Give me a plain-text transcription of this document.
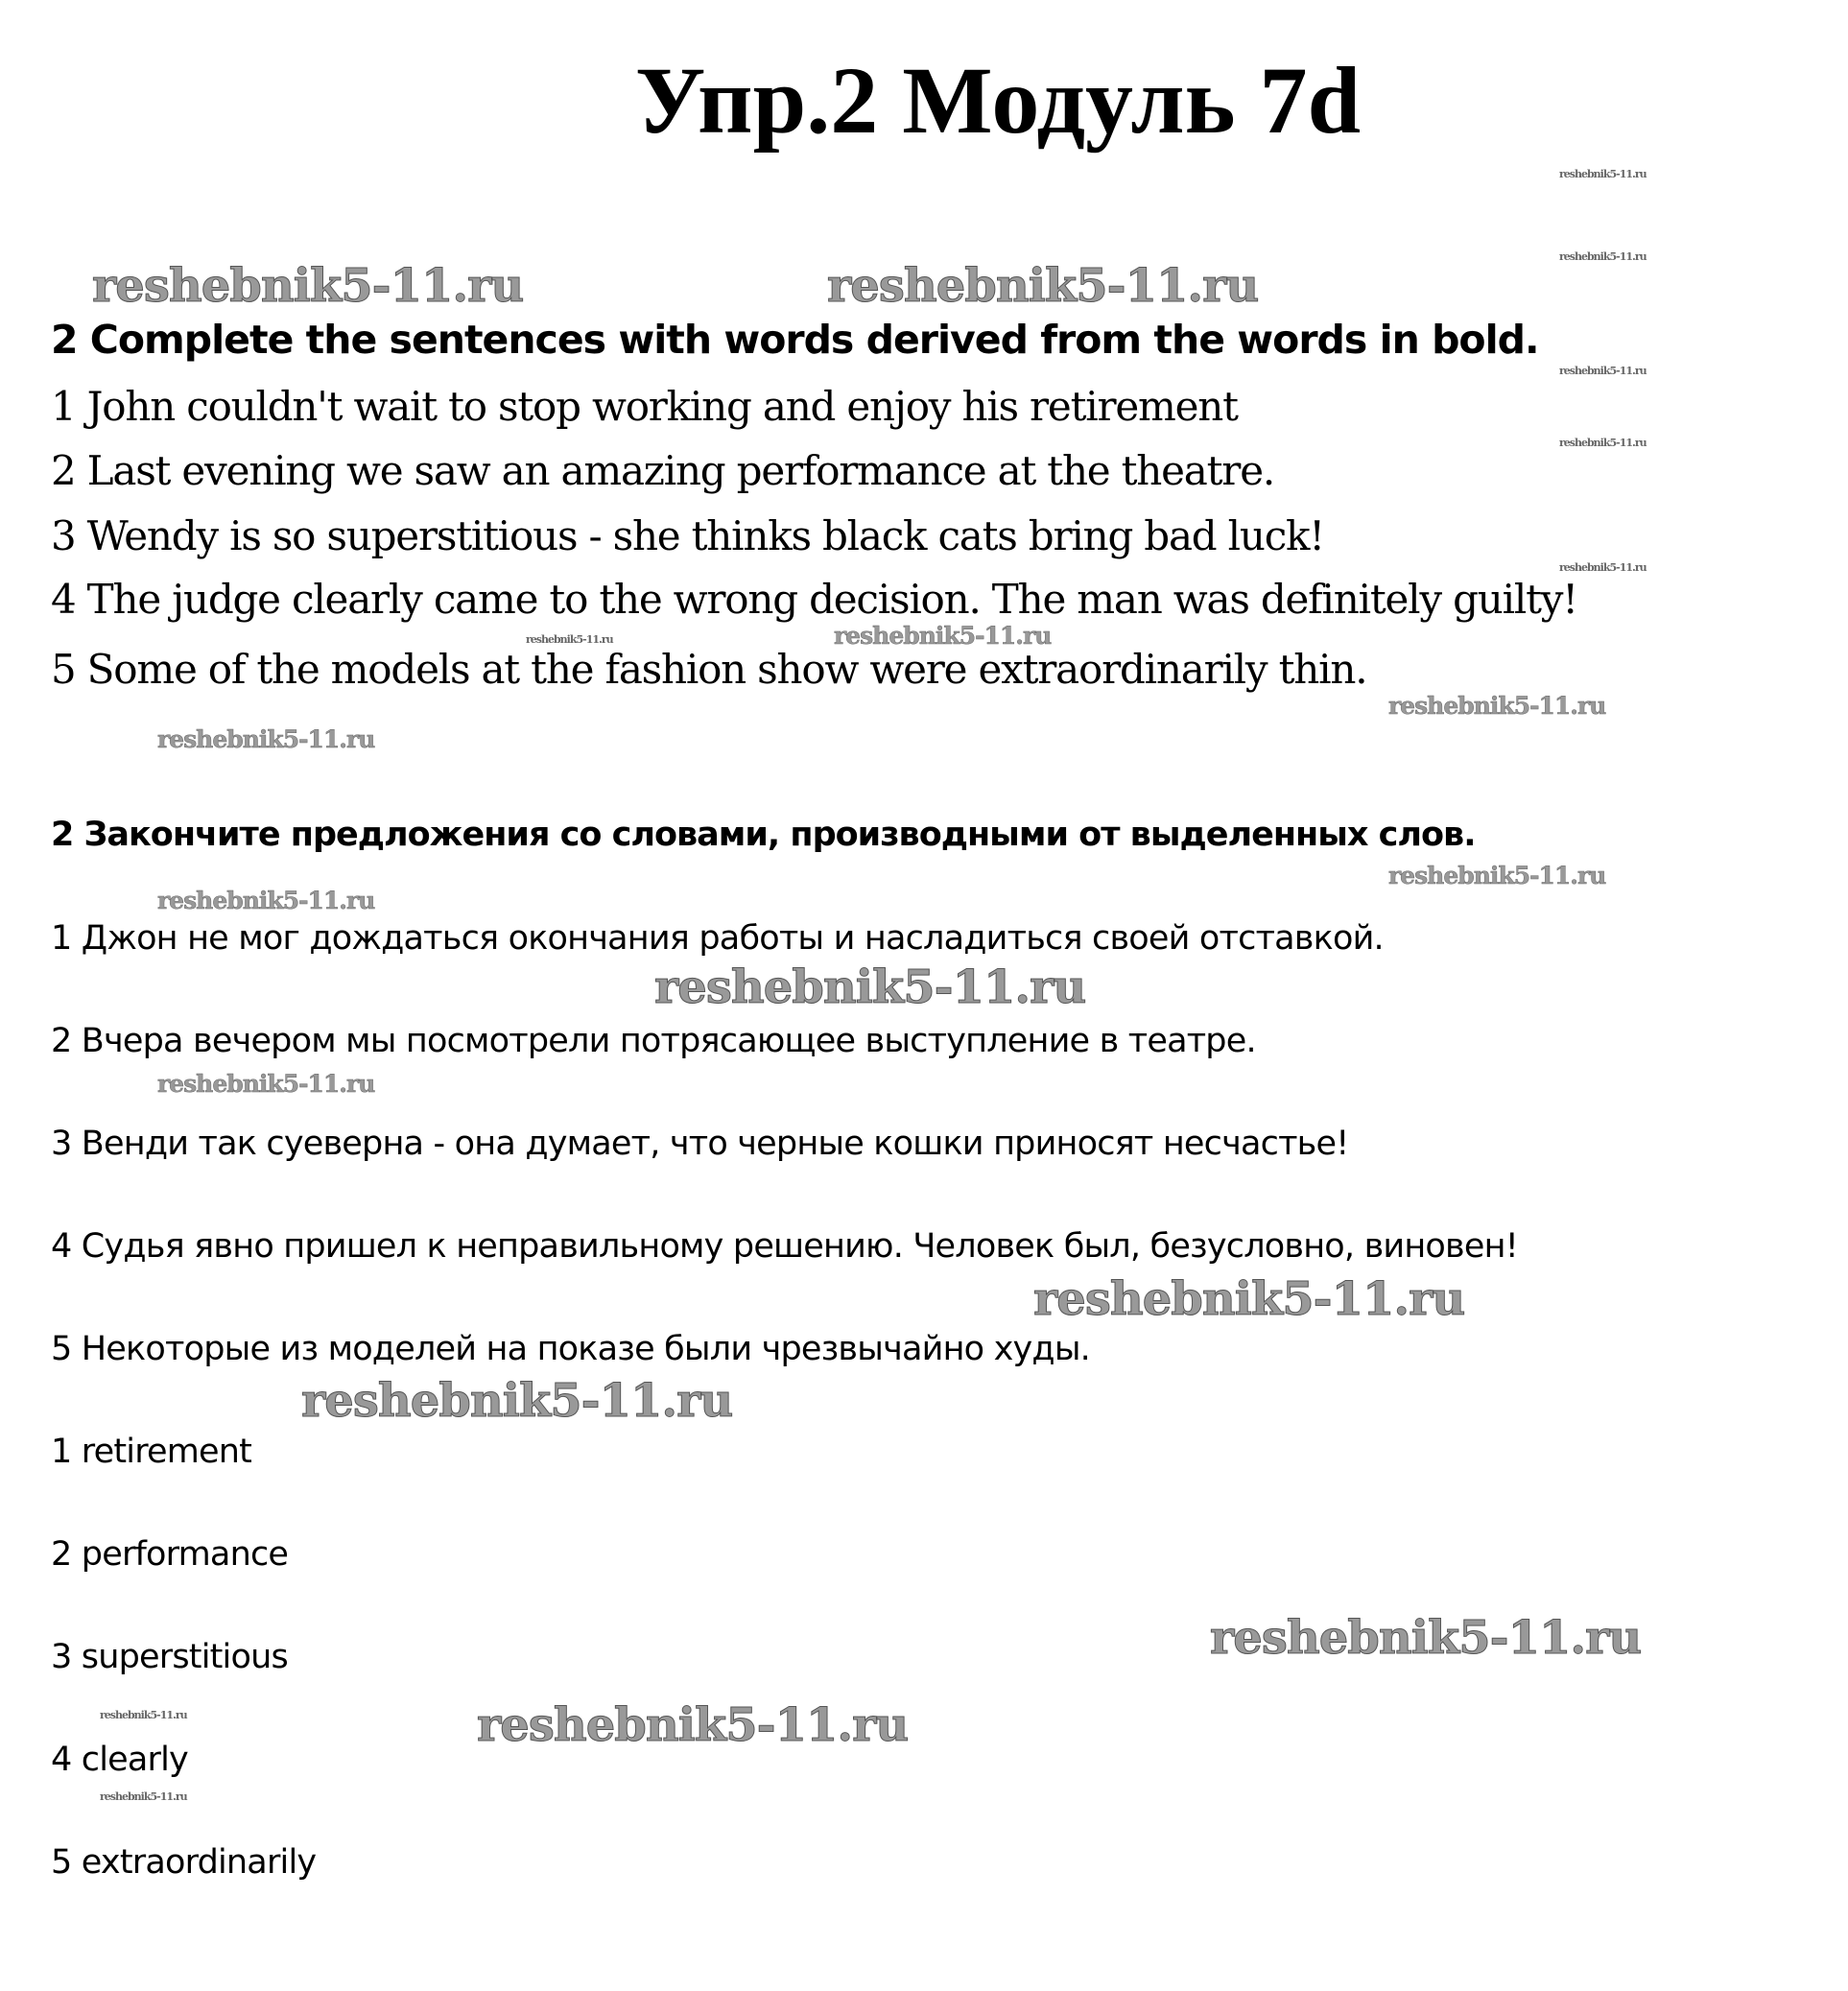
reshebnik5-11.ru	reshebnik5-11.ru
reshebnik5-11.ru
reshebnik5-11.ru
reshebnik5-11.ru
reshebnik5-11.ru
reshebnik5-11.ru
reshebnik5-11.ru
reshebnik5-11.ru
reshebnik5-11.ru
reshebnik5-11.ru
reshebnik5-11.ru
reshebnik5-11.ru
reshebnik5-11.ru
reshebnik5-11.ru
reshebnik5-11.ru
reshebnik5-11.ru
reshebnik5-11.ru
reshebnik5-11.ru
reshebnik5-11.ru
reshebnik5-11.ru
Упр.2 Модуль 7d
2 Complete the sentences with words derived from the words in bold.
1 John couldn't wait to stop working and enjoy his retirement
2 Last evening we saw an amazing performance at the theatre.
3 Wendy is so superstitious - she thinks black cats bring bad luck!
4 The judge clearly came to the wrong decision. The man was definitely guilty!
5 Some of the models at the fashion show were extraordinarily thin.
2 Закончите предложения со словами, производными от выделенных слов.
1 Джон не мог дождаться окончания работы и насладиться своей отставкой.
2 Вчера вечером мы посмотрели потрясающее выступление в театре.
3 Венди так суеверна - она думает, что черные кошки приносят несчастье!
4 Судья явно пришел к неправильному решению. Человек был, безусловно, виновен!
5 Некоторые из моделей на показе были чрезвычайно худы.
1 retirement
2 performance
3 superstitious
4 clearly
5 extraordinarily
